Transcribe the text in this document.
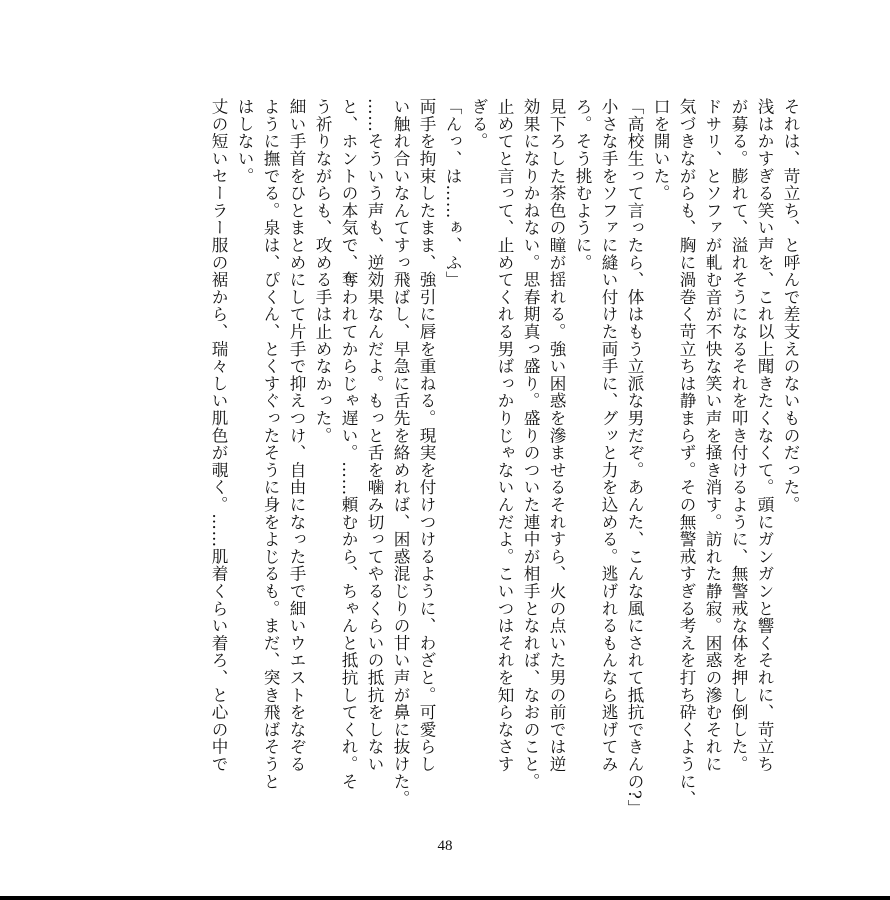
それは、苛立ち、と呼んで差支えのないものだった。
浅はかすぎる笑い声を、これ以上聞きたくなくて。頭にガンガンと響くそれに、苛立ち
が募る。膨れて、溢れそうになるそれを叩き付けるように、無警戒な体を押し倒した。
ドサリ、とソファが軋む音が不快な笑い声を掻き消す。訪れた静寂。困惑の滲むそれに
気づきながらも、胸に渦巻く苛立ちは静まらず。その無警戒すぎる考えを打ち砕くように、
口を開いた。
「高校生って言ったら、体はもう立派な男だぞ。あんた、こんな風にされて抵抗できんの?」
小さな手をソファに縫い付けた両手に、グッと力を込める。逃げれるもんなら逃げてみ
ろ。そう挑むように。
見下ろした茶色の瞳が揺れる。強い困惑を滲ませるそれすら、火の点いた男の前では逆
効果になりかねない。思春期真っ盛り。盛りのついた連中が相手となれば、なおのこと。
止めてと言って、止めてくれる男ばっかりじゃないんだよ。こいつはそれを知らなさす
ぎる。
「んっ、は……ぁ、ふ」
両手を拘束したまま、強引に唇を重ねる。現実を付けつけるように、わざと。可愛らし
い触れ合いなんてすっ飛ばし、早急に舌先を絡めれば、困惑混じりの甘い声が鼻に抜けた。
……そういう声も、逆効果なんだよ。もっと舌を噛み切ってやるくらいの抵抗をしない
と、ホントの本気で、奪われてからじゃ遅い。……頼むから、ちゃんと抵抗してくれ。そ
う祈りながらも、攻める手は止めなかった。
細い手首をひとまとめにして片手で抑えつけ、自由になった手で細いウエストをなぞる
ように撫でる。泉は、ぴくん、とくすぐったそうに身をよじるも。まだ、突き飛ばそうと
はしない。
丈の短いセーラー服の裾から、瑞々しい肌色が覗く。……肌着くらい着ろ、と心の中で
48
